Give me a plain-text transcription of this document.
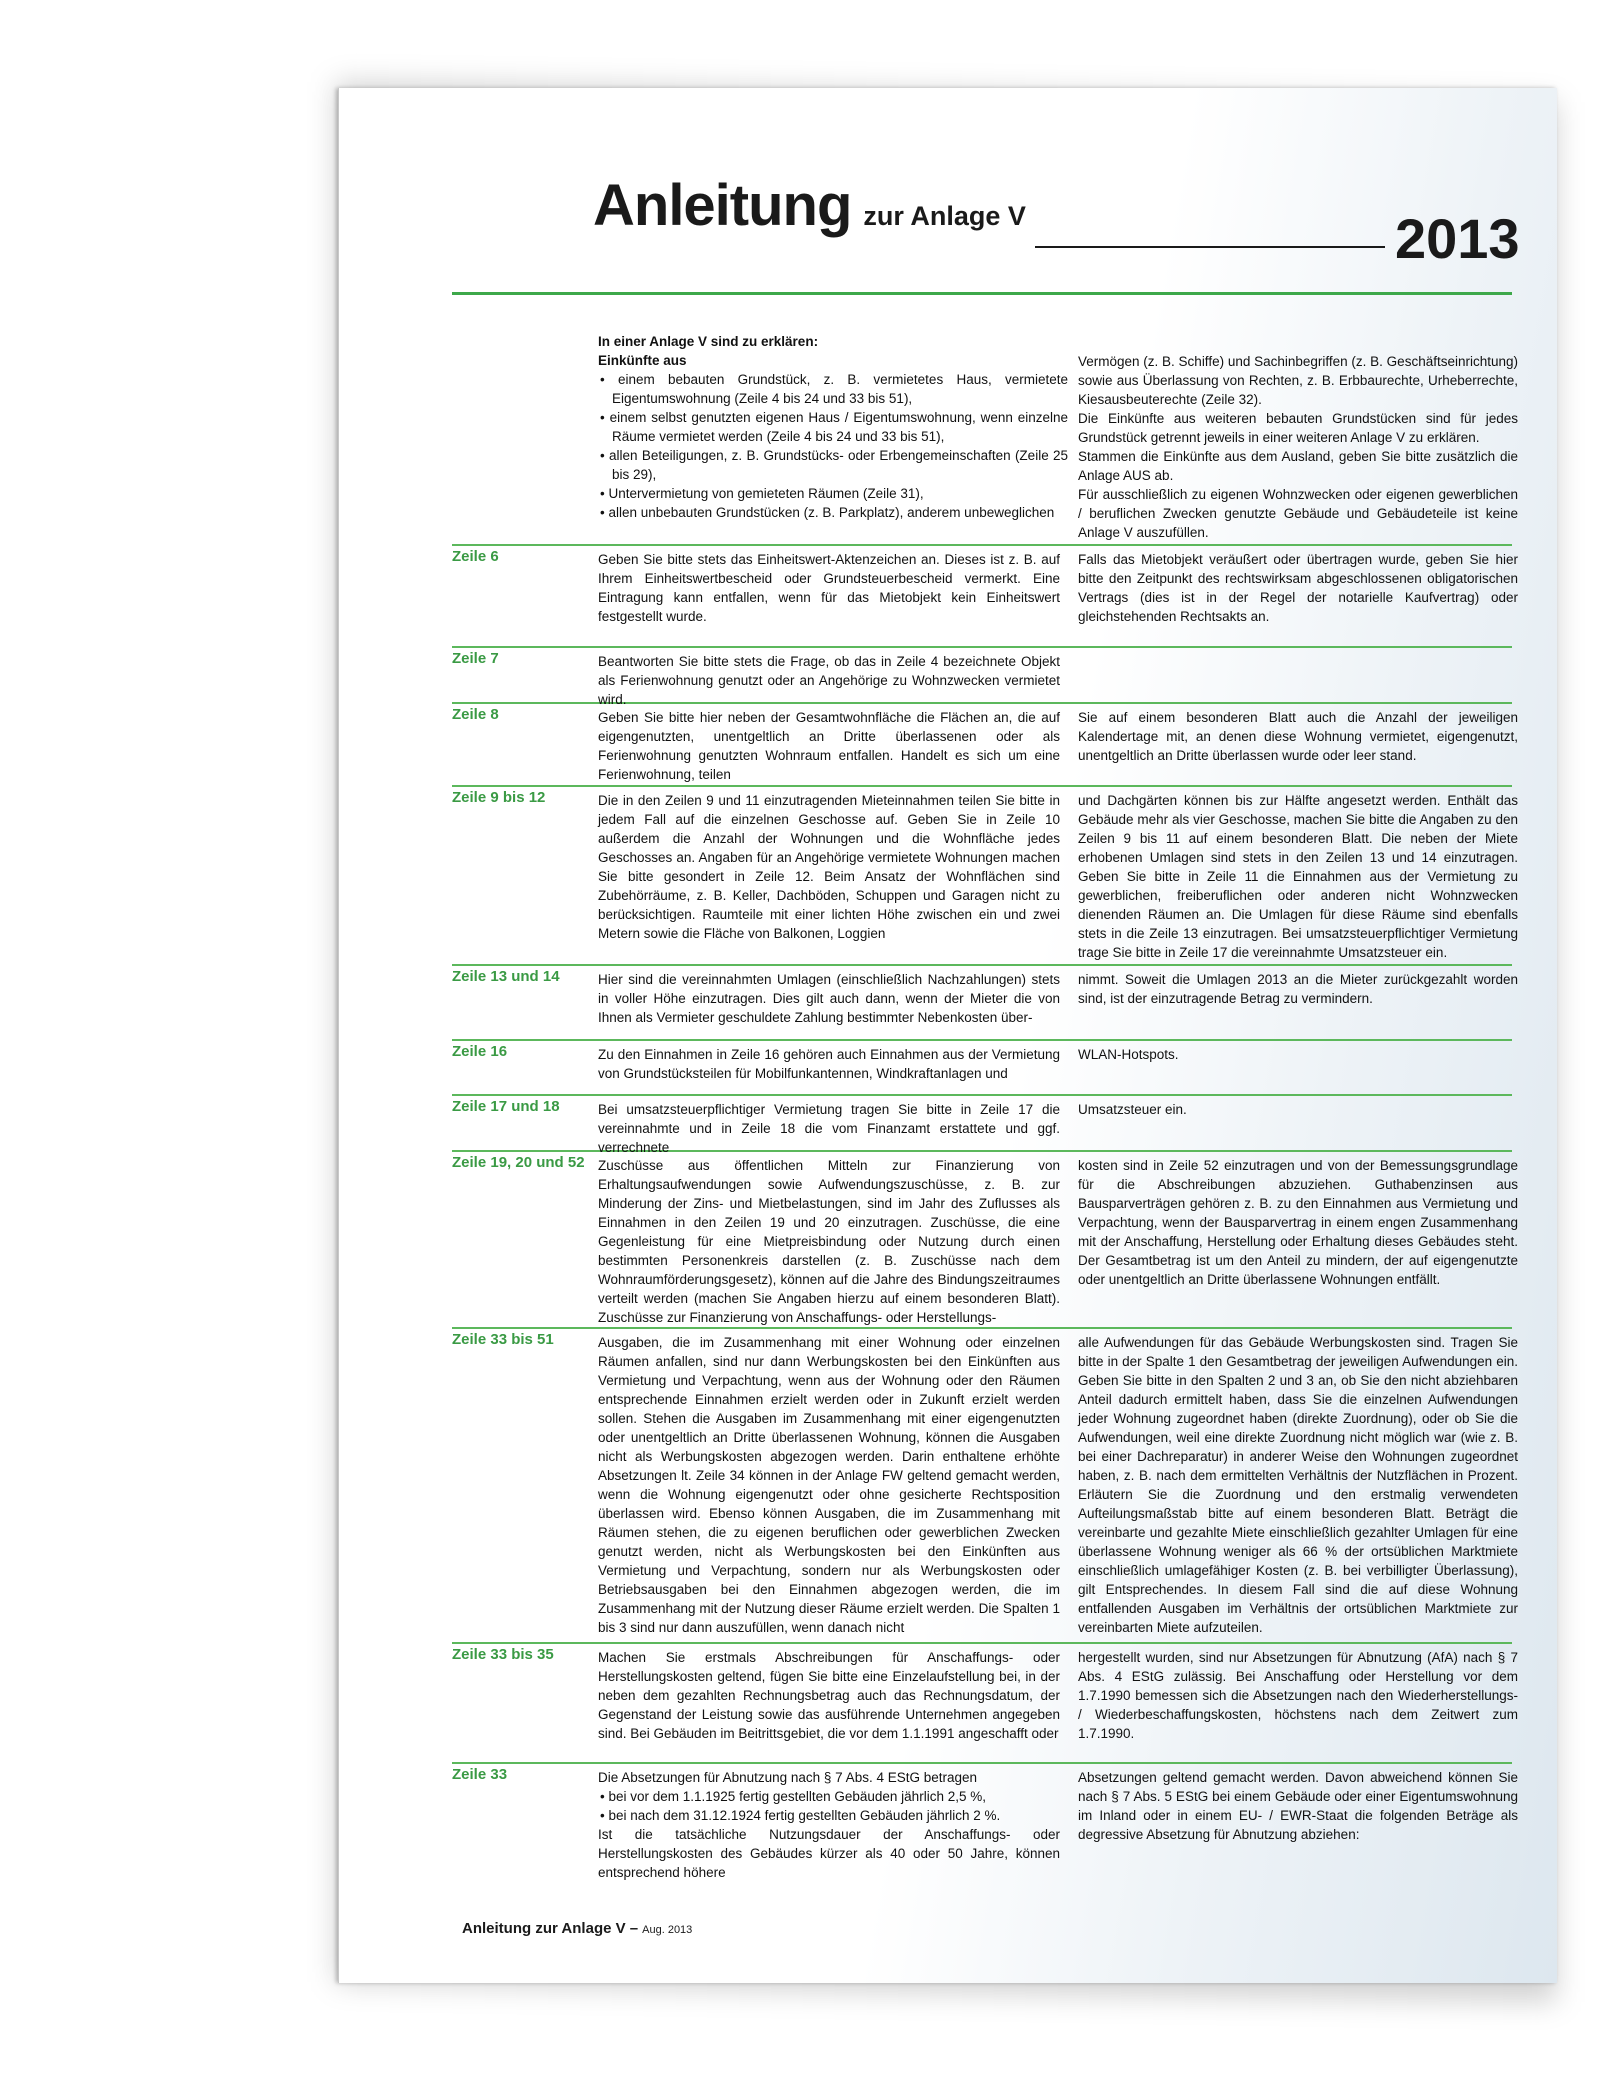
Anleitung zur Anlage V	2013
In einer Anlage V sind zu erklären:
Einkünfte aus
• einem bebauten Grundstück, z. B. vermietetes Haus, vermietete Eigentumswohnung (Zeile 4 bis 24 und 33 bis 51),
• einem selbst genutzten eigenen Haus / Eigentumswohnung, wenn einzelne Räume vermietet werden (Zeile 4 bis 24 und 33 bis 51),
• allen Beteiligungen, z. B. Grundstücks- oder Erbengemeinschaften (Zeile 25 bis 29),
• Untervermietung von gemieteten Räumen (Zeile 31),
• allen unbebauten Grundstücken (z. B. Parkplatz), anderem unbeweglichen
Vermögen (z. B. Schiffe) und Sachinbegriffen (z. B. Geschäftseinrichtung) sowie aus Überlassung von Rechten, z. B. Erbbaurechte, Urheberrechte, Kiesausbeuterechte (Zeile 32).
Die Einkünfte aus weiteren bebauten Grundstücken sind für jedes Grundstück getrennt jeweils in einer weiteren Anlage V zu erklären.
Stammen die Einkünfte aus dem Ausland, geben Sie bitte zusätzlich die Anlage AUS ab.
Für ausschließlich zu eigenen Wohnzwecken oder eigenen gewerblichen / beruflichen Zwecken genutzte Gebäude und Gebäudeteile ist keine Anlage V auszufüllen.
Zeile 6
Zeile 7
Zeile 8
Zeile 9 bis 12
Zeile 13 und 14
Zeile 16
Zeile 17 und 18
Zeile 19, 20 und 52
Zeile 33 bis 51
Zeile 33 bis 35
Zeile 33
Geben Sie bitte stets das Einheitswert-Aktenzeichen an. Dieses ist z. B. auf Ihrem Einheitswertbescheid oder Grundsteuerbescheid vermerkt. Eine Eintragung kann entfallen, wenn für das Mietobjekt kein Einheitswert festgestellt wurde.
Falls das Mietobjekt veräußert oder übertragen wurde, geben Sie hier bitte den Zeitpunkt des rechtswirksam abgeschlossenen obligatorischen Vertrags (dies ist in der Regel der notarielle Kaufvertrag) oder gleichstehenden Rechtsakts an.
Beantworten Sie bitte stets die Frage, ob das in Zeile 4 bezeichnete Objekt als Ferienwohnung genutzt oder an Angehörige zu Wohnzwecken vermietet wird.
Geben Sie bitte hier neben der Gesamtwohnfläche die Flächen an, die auf eigengenutzten, unentgeltlich an Dritte überlassenen oder als Ferienwohnung genutzten Wohnraum entfallen. Handelt es sich um eine Ferienwohnung, teilen
Sie auf einem besonderen Blatt auch die Anzahl der jeweiligen Kalendertage mit, an denen diese Wohnung vermietet, eigengenutzt, unentgeltlich an Dritte überlassen wurde oder leer stand.
Die in den Zeilen 9 und 11 einzutragenden Mieteinnahmen teilen Sie bitte in jedem Fall auf die einzelnen Geschosse auf. Geben Sie in Zeile 10 außerdem die Anzahl der Wohnungen und die Wohnfläche jedes Geschosses an. Angaben für an Angehörige vermietete Wohnungen machen Sie bitte gesondert in Zeile 12. Beim Ansatz der Wohnflächen sind Zubehörräume, z. B. Keller, Dachböden, Schuppen und Garagen nicht zu berücksichtigen. Raumteile mit einer lichten Höhe zwischen ein und zwei Metern sowie die Fläche von Balkonen, Loggien
und Dachgärten können bis zur Hälfte angesetzt werden. Enthält das Gebäude mehr als vier Geschosse, machen Sie bitte die Angaben zu den Zeilen 9 bis 11 auf einem besonderen Blatt. Die neben der Miete erhobenen Umlagen sind stets in den Zeilen 13 und 14 einzutragen. Geben Sie bitte in Zeile 11 die Einnahmen aus der Vermietung zu gewerblichen, freiberuflichen oder anderen nicht Wohnzwecken dienenden Räumen an. Die Umlagen für diese Räume sind ebenfalls stets in die Zeile 13 einzutragen. Bei umsatzsteuerpflichtiger Vermietung trage Sie bitte in Zeile 17 die vereinnahmte Umsatzsteuer ein.
Hier sind die vereinnahmten Umlagen (einschließlich Nachzahlungen) stets in voller Höhe einzutragen. Dies gilt auch dann, wenn der Mieter die von Ihnen als Vermieter geschuldete Zahlung bestimmter Nebenkosten über-
nimmt. Soweit die Umlagen 2013 an die Mieter zurückgezahlt worden sind, ist der einzutragende Betrag zu vermindern.
Zu den Einnahmen in Zeile 16 gehören auch Einnahmen aus der Vermietung von Grundstücksteilen für Mobilfunkantennen, Windkraftanlagen und
WLAN-Hotspots.
Bei umsatzsteuerpflichtiger Vermietung tragen Sie bitte in Zeile 17 die vereinnahmte und in Zeile 18 die vom Finanzamt erstattete und ggf. verrechnete
Umsatzsteuer ein.
Zuschüsse aus öffentlichen Mitteln zur Finanzierung von Erhaltungsaufwendungen sowie Aufwendungszuschüsse, z. B. zur Minderung der Zins- und Mietbelastungen, sind im Jahr des Zuflusses als Einnahmen in den Zeilen 19 und 20 einzutragen. Zuschüsse, die eine Gegenleistung für eine Mietpreisbindung oder Nutzung durch einen bestimmten Personenkreis darstellen (z. B. Zuschüsse nach dem Wohnraumförderungsgesetz), können auf die Jahre des Bindungszeitraumes verteilt werden (machen Sie Angaben hierzu auf einem besonderen Blatt). Zuschüsse zur Finanzierung von Anschaffungs- oder Herstellungs-
kosten sind in Zeile 52 einzutragen und von der Bemessungsgrundlage für die Abschreibungen abzuziehen. Guthabenzinsen aus Bausparverträgen gehören z. B. zu den Einnahmen aus Vermietung und Verpachtung, wenn der Bausparvertrag in einem engen Zusammenhang mit der Anschaffung, Herstellung oder Erhaltung dieses Gebäudes steht. Der Gesamtbetrag ist um den Anteil zu mindern, der auf eigengenutzte oder unentgeltlich an Dritte überlassene Wohnungen entfällt.
Ausgaben, die im Zusammenhang mit einer Wohnung oder einzelnen Räumen anfallen, sind nur dann Werbungskosten bei den Einkünften aus Vermietung und Verpachtung, wenn aus der Wohnung oder den Räumen entsprechende Einnahmen erzielt werden oder in Zukunft erzielt werden sollen. Stehen die Ausgaben im Zusammenhang mit einer eigengenutzten oder unentgeltlich an Dritte überlassenen Wohnung, können die Ausgaben nicht als Werbungskosten abgezogen werden. Darin enthaltene erhöhte Absetzungen lt. Zeile 34 können in der Anlage FW geltend gemacht werden, wenn die Wohnung eigengenutzt oder ohne gesicherte Rechtsposition überlassen wird. Ebenso können Ausgaben, die im Zusammenhang mit Räumen stehen, die zu eigenen beruflichen oder gewerblichen Zwecken genutzt werden, nicht als Werbungskosten bei den Einkünften aus Vermietung und Verpachtung, sondern nur als Werbungskosten oder Betriebsausgaben bei den Einnahmen abgezogen werden, die im Zusammenhang mit der Nutzung dieser Räume erzielt werden. Die Spalten 1 bis 3 sind nur dann auszufüllen, wenn danach nicht
alle Aufwendungen für das Gebäude Werbungskosten sind. Tragen Sie bitte in der Spalte 1 den Gesamtbetrag der jeweiligen Aufwendungen ein. Geben Sie bitte in den Spalten 2 und 3 an, ob Sie den nicht abziehbaren Anteil dadurch ermittelt haben, dass Sie die einzelnen Aufwendungen jeder Wohnung zugeordnet haben (direkte Zuordnung), oder ob Sie die Aufwendungen, weil eine direkte Zuordnung nicht möglich war (wie z. B. bei einer Dachreparatur) in anderer Weise den Wohnungen zugeordnet haben, z. B. nach dem ermittelten Verhältnis der Nutzflächen in Prozent. Erläutern Sie die Zuordnung und den erstmalig verwendeten Aufteilungsmaßstab bitte auf einem besonderen Blatt. Beträgt die vereinbarte und gezahlte Miete einschließlich gezahlter Umlagen für eine überlassene Wohnung weniger als 66 % der ortsüblichen Marktmiete einschließlich umlagefähiger Kosten (z. B. bei verbilligter Überlassung), gilt Entsprechendes. In diesem Fall sind die auf diese Wohnung entfallenden Ausgaben im Verhältnis der ortsüblichen Marktmiete zur vereinbarten Miete aufzuteilen.
Machen Sie erstmals Abschreibungen für Anschaffungs- oder Herstellungskosten geltend, fügen Sie bitte eine Einzelaufstellung bei, in der neben dem gezahlten Rechnungsbetrag auch das Rechnungsdatum, der Gegenstand der Leistung sowie das ausführende Unternehmen angegeben sind. Bei Gebäuden im Beitrittsgebiet, die vor dem 1.1.1991 angeschafft oder
hergestellt wurden, sind nur Absetzungen für Abnutzung (AfA) nach § 7 Abs. 4 EStG zulässig. Bei Anschaffung oder Herstellung vor dem 1.7.1990 bemessen sich die Absetzungen nach den Wiederherstellungs- / Wiederbeschaffungskosten, höchstens nach dem Zeitwert zum 1.7.1990.
Die Absetzungen für Abnutzung nach § 7 Abs. 4 EStG betragen
• bei vor dem 1.1.1925 fertig gestellten Gebäuden jährlich 2,5 %,
• bei nach dem 31.12.1924 fertig gestellten Gebäuden jährlich 2 %.
Ist die tatsächliche Nutzungsdauer der Anschaffungs- oder Herstellungskosten des Gebäudes kürzer als 40 oder 50 Jahre, können entsprechend höhere
Absetzungen geltend gemacht werden. Davon abweichend können Sie nach § 7 Abs. 5 EStG bei einem Gebäude oder einer Eigentumswohnung im Inland oder in einem EU- / EWR-Staat die folgenden Beträge als degressive Absetzung für Abnutzung abziehen:
Anleitung zur Anlage V – Aug. 2013
